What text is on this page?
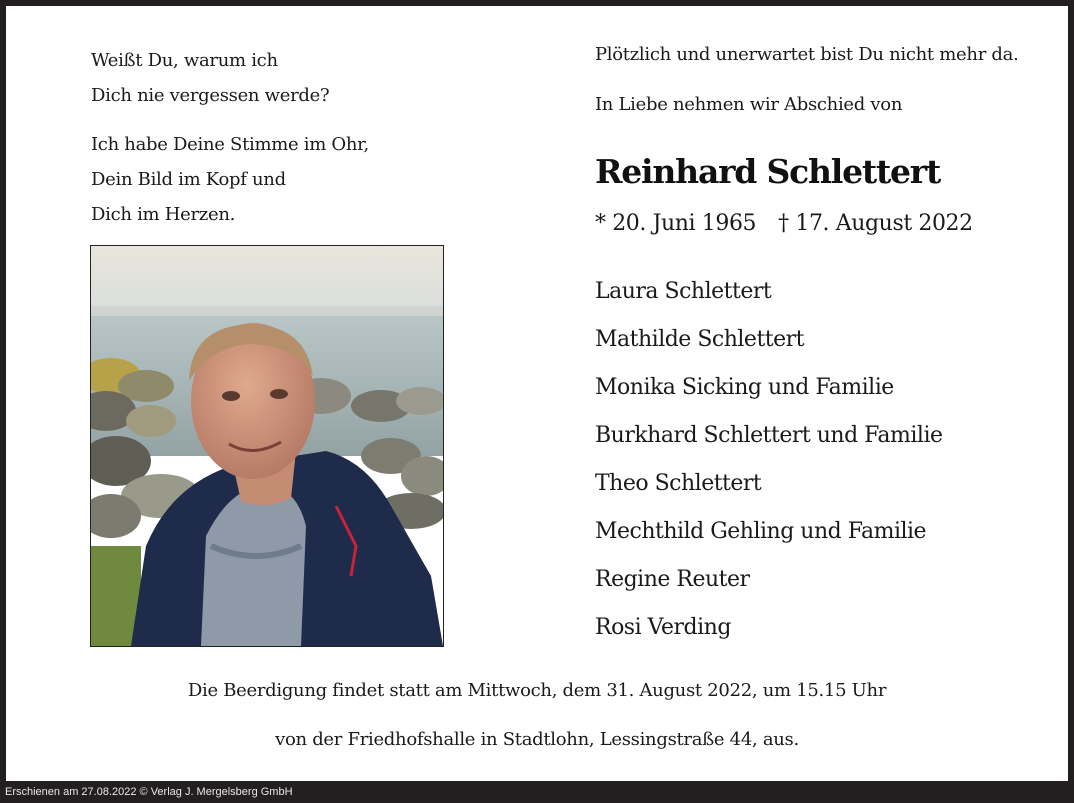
Weißt Du, warum ich
Dich nie vergessen werde?
Ich habe Deine Stimme im Ohr,
Dein Bild im Kopf und
Dich im Herzen.
Plötzlich und unerwartet bist Du nicht mehr da.
In Liebe nehmen wir Abschied von
Reinhard Schlettert
* 20. Juni 1965 † 17. August 2022
Laura Schlettert
Mathilde Schlettert
Monika Sicking und Familie
Burkhard Schlettert und Familie
Theo Schlettert
Mechthild Gehling und Familie
Regine Reuter
Rosi Verding
Die Beerdigung findet statt am Mittwoch, dem 31. August 2022, um 15.15 Uhr
von der Friedhofshalle in Stadtlohn, Lessingstraße 44, aus.
Erschienen am 27.08.2022 © Verlag J. Mergelsberg GmbH
